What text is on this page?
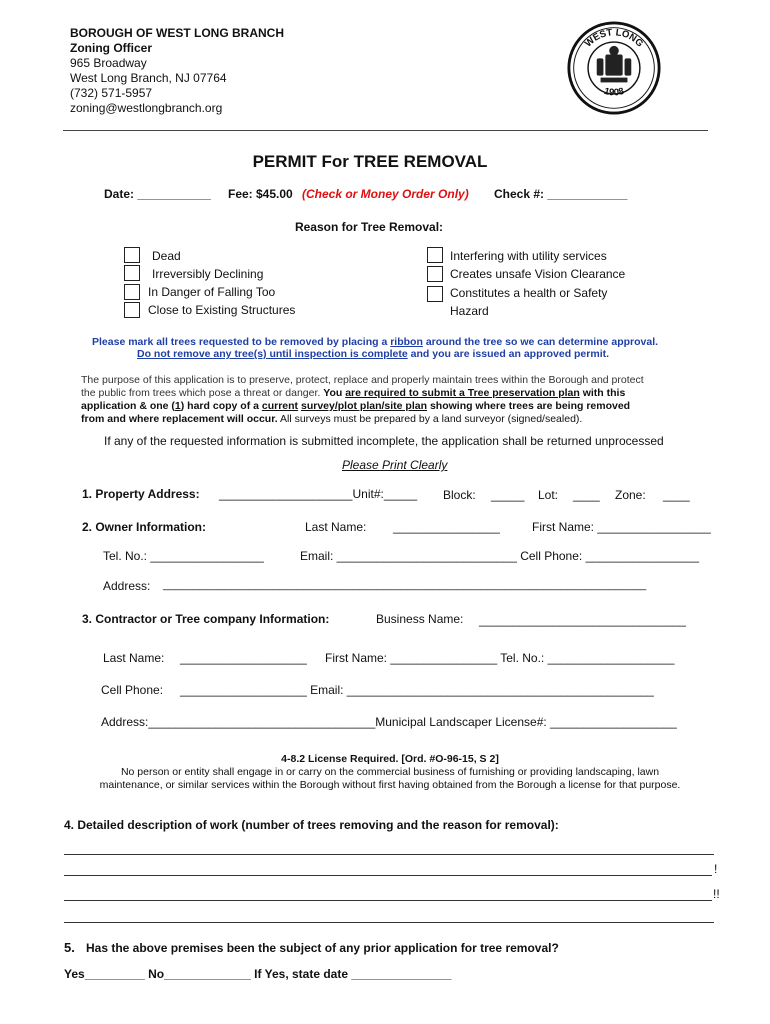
BOROUGH OF WEST LONG BRANCH
Zoning Officer
965 Broadway
West Long Branch, NJ 07764
(732) 571-5957
zoning@westlongbranch.org
WEST LONG
1908
PERMIT For TREE REMOVAL
Date: ___________ Fee: $45.00 (Check or Money Order Only) Check #: ____________
Reason for Tree Removal:
Dead
Irreversibly Declining
In Danger of Falling Too
Close to Existing Structures
Interfering with utility services
Creates unsafe Vision Clearance
Constitutes a health or Safety
Hazard
Please mark all trees requested to be removed by placing a ribbon around the tree so we can determine approval.
Do not remove any tree(s) until inspection is complete and you are issued an approved permit.
The purpose of this application is to preserve, protect, replace and properly maintain trees within the Borough and protect
the public from trees which pose a threat or danger. You are required to submit a Tree preservation plan with this
application & one (1) hard copy of a current survey/plot plan/site plan showing where trees are being removed
from and where replacement will occur. All surveys must be prepared by a land surveyor (signed/sealed).
If any of the requested information is submitted incomplete, the application shall be returned unprocessed
Please Print Clearly
1. Property Address: ____________________Unit#:_____ Block: _____ Lot: ____ Zone: ____
2. Owner Information:	Last Name: ________________	First Name: _________________
Tel. No.: _________________	Email: ___________________________ Cell Phone: _________________
Address: _______________________________________________________________________________
3. Contractor or Tree company Information:	Business Name: _______________________________
Last Name: ___________________ First Name: ________________ Tel. No.: ___________________
Cell Phone: ___________________ Email: ______________________________________________
Address:__________________________________Municipal Landscaper License#: ___________________
4-8.2 License Required. [Ord. #O-96-15, S 2]
No person or entity shall engage in or carry on the commercial business of furnishing or providing landscaping, lawn
maintenance, or similar services within the Borough without first having obtained from the Borough a license for that purpose.
4. Detailed description of work (number of trees removing and the reason for removal):
!
!!
5. Has the above premises been the subject of any prior application for tree removal?
Yes_________ No_____________ If Yes, state date _______________
